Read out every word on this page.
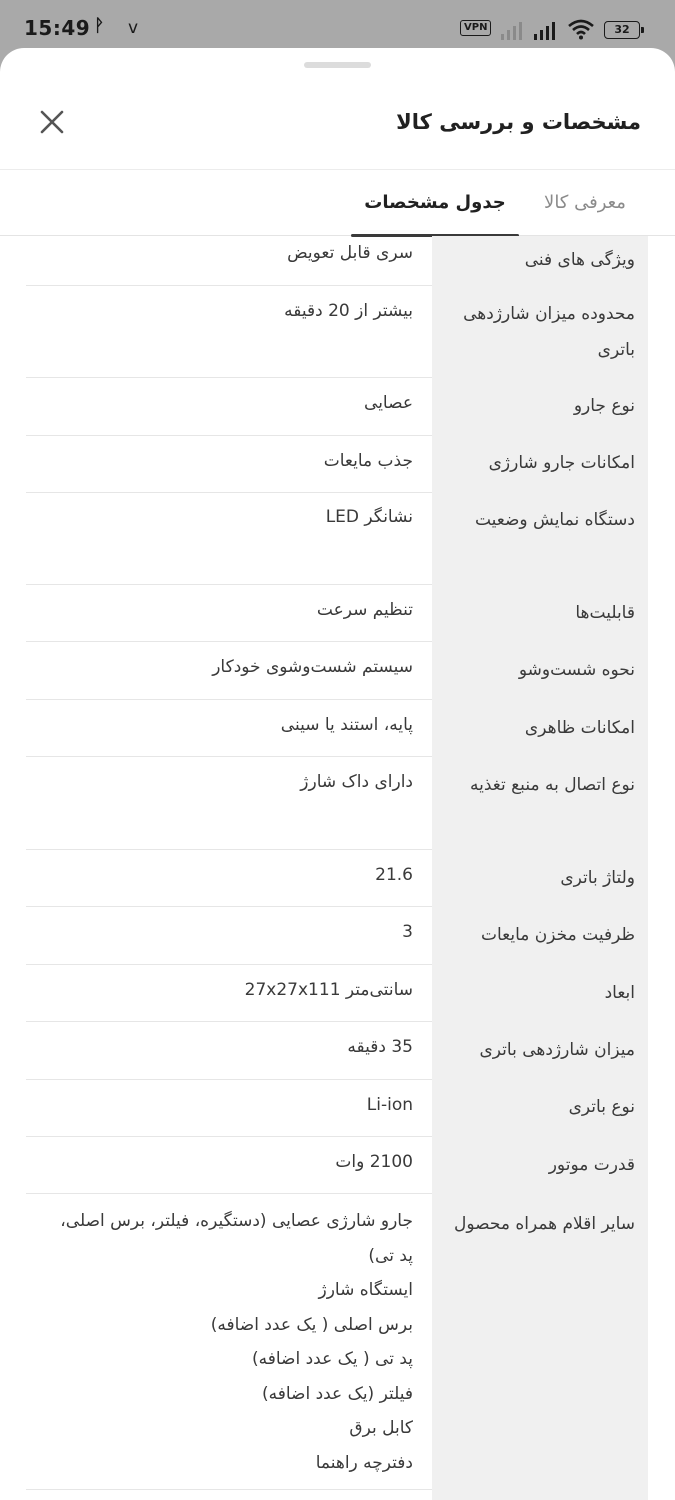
15:49 ᚹ v	VPN	32
مشخصات و بررسی کالا
معرفی کالا
جدول مشخصات
ویژگی های فنی
سری قابل تعویض
محدوده میزان شارژدهی باتری
بیشتر از 20 دقیقه
نوع جارو
عصایی
امکانات جارو شارژی
جذب مایعات
دستگاه نمایش وضعیت
نشانگر LED
قابلیت‌ها
تنظیم سرعت
نحوه شست‌وشو
سیستم شست‌وشوی خودکار
امکانات ظاهری
پایه، استند یا سینی
نوع اتصال به منبع تغذیه
دارای داک شارژ
ولتاژ باتری
21.6
ظرفیت مخزن مایعات
3
ابعاد
سانتی‌متر 27x27x111
میزان شارژدهی باتری
35 دقیقه
نوع باتری
Li-ion
قدرت موتور
2100 وات
سایر اقلام همراه محصول
جارو شارژی عصایی (دستگیره، فیلتر، برس اصلی، پد تی)
ایستگاه شارژ
برس اصلی ( یک عدد اضافه)
پد تی ( یک عدد اضافه)
فیلتر (یک عدد اضافه)
کابل برق
دفترچه راهنما
